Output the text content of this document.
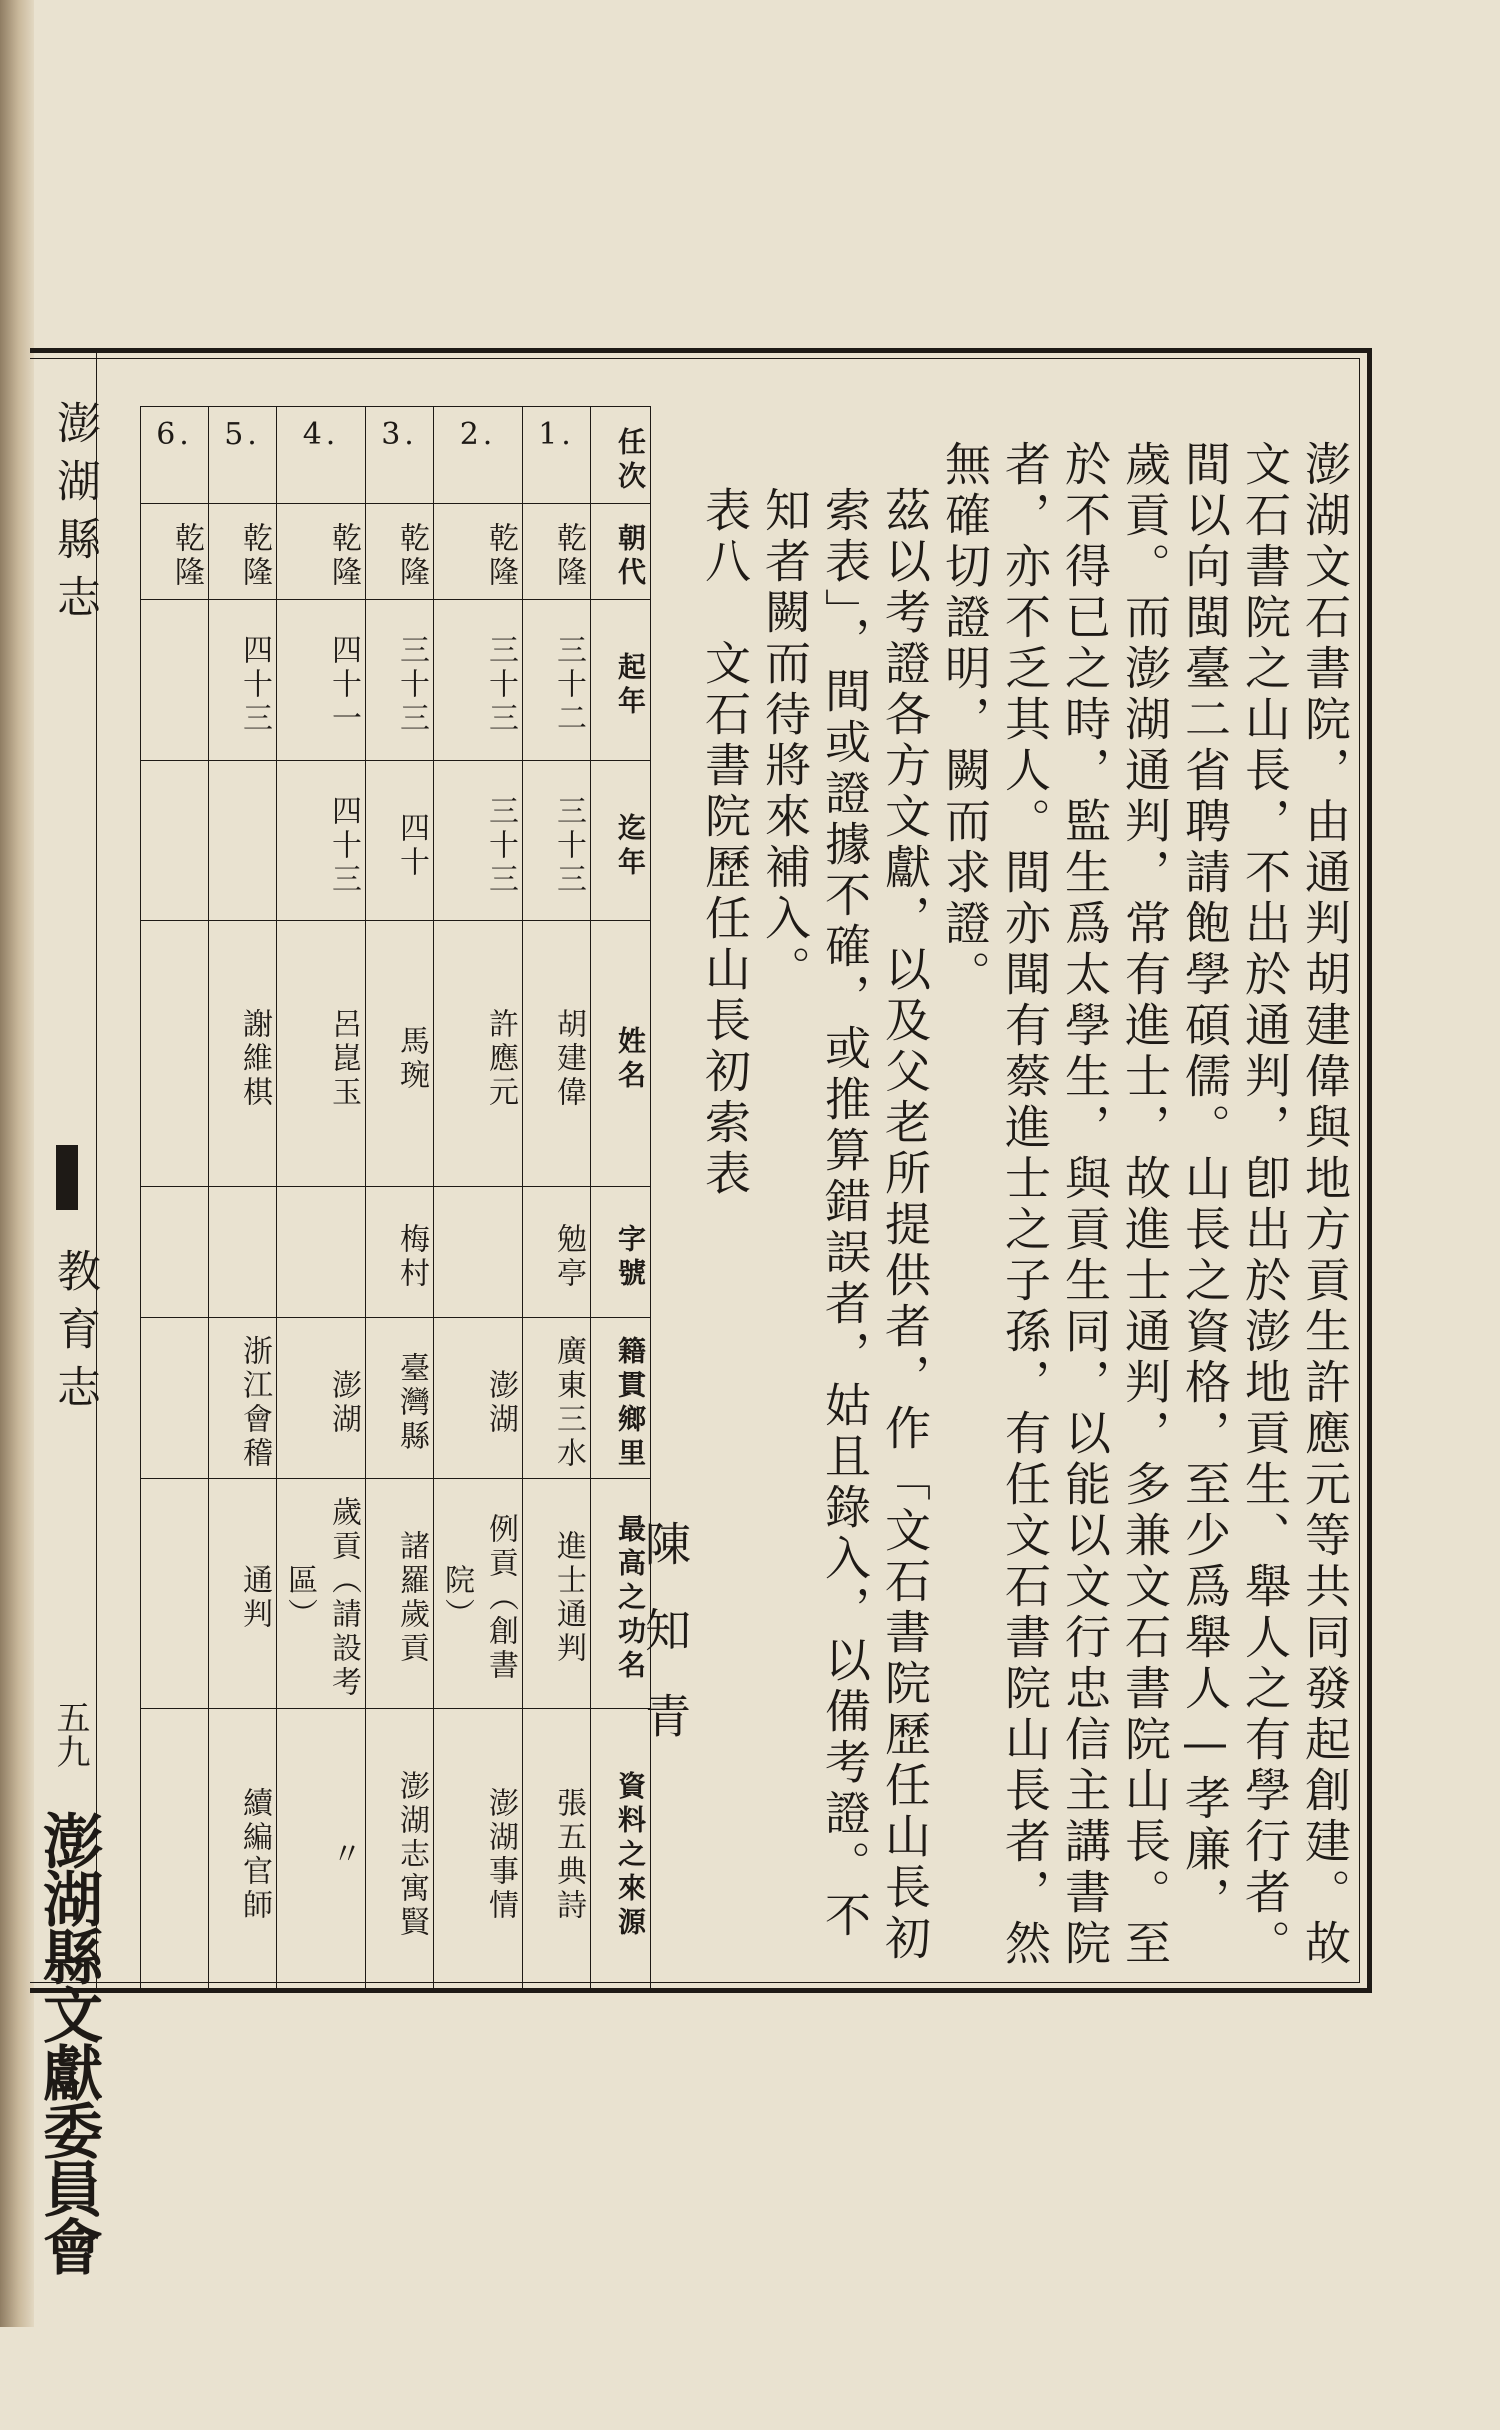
澎湖縣志
教育志
五九
澎湖縣文獻委員會

澎湖文石書院，由通判胡建偉與地方貢生許應元等共同發起創建。故文石書院之山長，不出於通判，卽出於澎地貢生、舉人之有學行者。間以向閩臺二省聘請飽學碩儒。山長之資格，至少爲舉人—孝廉，歲貢。而澎湖通判，常有進士，故進士通判，多兼文石書院山長。至於不得已之時，監生爲太學生，與貢生同，以能以文行忠信主講書院者，亦不乏其人。間亦聞有蔡進士之子孫，有任文石書院山長者，然無確切證明，闕而求證。

茲以考證各方文獻，以及父老所提供者，作「文石書院歷任山長初索表」，間或證據不確，或推算錯誤者，姑且錄入，以備考證。不知者闕而待將來補入。

表八　文石書院歷任山長初索表

陳知青

任次	朝代	起年	迄年	姓名	字號	籍貫鄉里	最高之功名	資料之來源
1.	乾隆	三十二	三十三	胡建偉	勉亭	廣東三水	進士通判	張五典詩
2.	乾隆	三十三	三十三	許應元		澎湖	例貢（創書院）	澎湖事情
3.	乾隆	三十三	四十	馬琬	梅村	臺灣縣	諸羅歲貢	澎湖志寓賢
4.	乾隆	四十一	四十三	呂崑玉		澎湖	歲貢（請設考區）	〃
5.	乾隆	四十三		謝維棋		浙江會稽	通判	續編官師
6.	乾隆							
